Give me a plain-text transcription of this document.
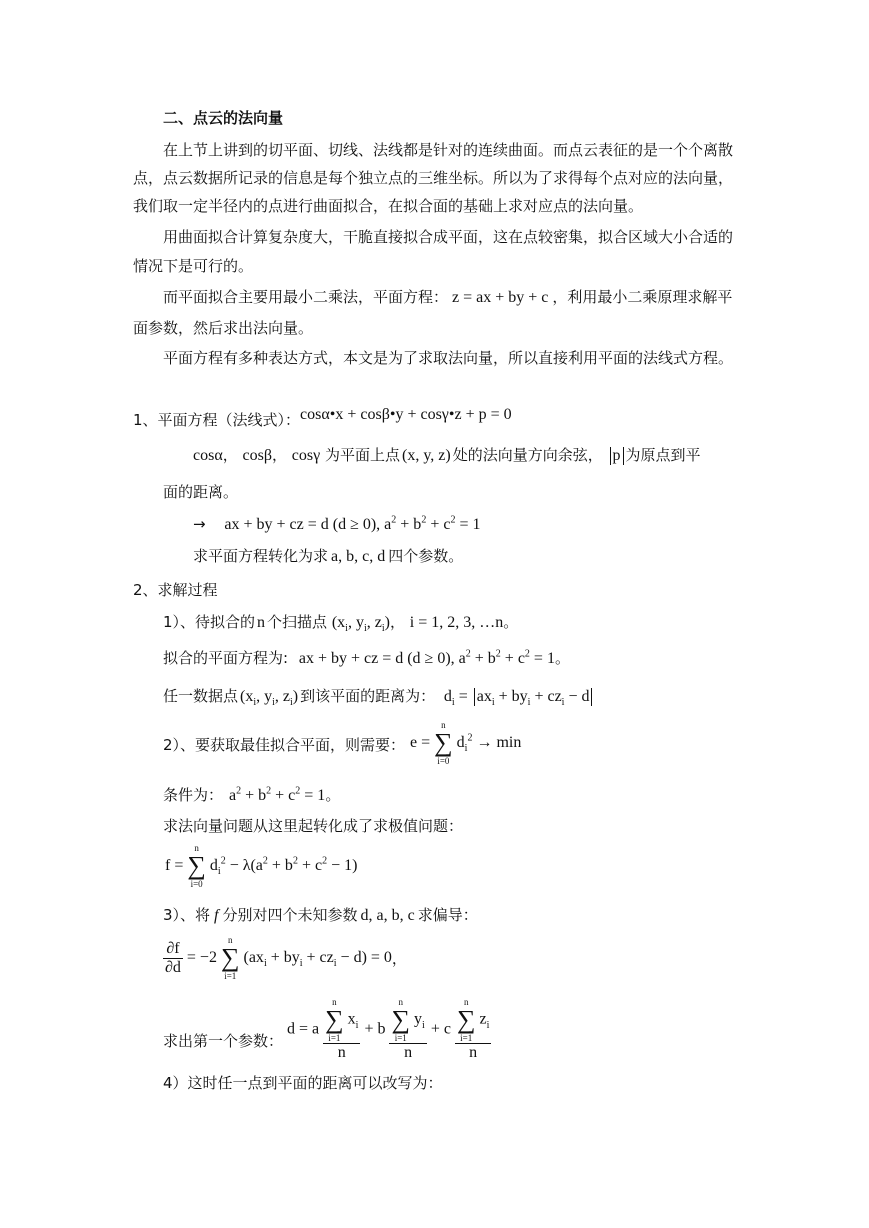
二、点云的法向量
在上节上讲到的切平面、切线、法线都是针对的连续曲面。而点云表征的是一个个离散
点，点云数据所记录的信息是每个独立点的三维坐标。所以为了求得每个点对应的法向量，
我们取一定半径内的点进行曲面拟合，在拟合面的基础上求对应点的法向量。
用曲面拟合计算复杂度大，干脆直接拟合成平面，这在点较密集，拟合区域大小合适的
情况下是可行的。
而平面拟合主要用最小二乘法，平面方程： z = ax + by + c ，利用最小二乘原理求解平
面参数，然后求出法向量。
平面方程有多种表达方式，本文是为了求取法向量，所以直接利用平面的法线式方程。
1、平面方程（法线式）：cosα•x + cosβ•y + cosγ•z + p = 0
cosα， cosβ， cosγ 为平面上点 (x, y, z) 处的法向量方向余弦， p 为原点到平
面的距离。
→ ax + by + cz = d (d ≥ 0), $a^2 + b^2 + c^2 = 1$
求平面方程转化为求 a, b, c, d 四个参数。
2、求解过程
1）、待拟合的 n 个扫描点 ($x_i$, $y_i$, $z_i$)， i = 1, 2, 3, …n。
拟合的平面方程为: ax + by + cz = d (d ≥ 0), $a^2 + b^2 + c^2 = 1$。
任一数据点 ($x_i$, $y_i$, $z_i$) 到该平面的距离为： $d_i = ax_i + by_i + cz_i - d$
2）、要获取最佳拟合平面，则需要： e =
n
∑
i=0
$d_i^2 \to \min$
条件为： $a^2 + b^2 + c^2 = 1$。
求法向量问题从这里起转化成了求极值问题：
f =
n
∑
i=0
$d_i^2 - \lambda(a^2 + b^2 + c^2 - 1)$
3）、将 f 分别对四个未知参数 d, a, b, c 求偏导：
$\frac{\partial f}{\partial d} = -2$
n
∑
i=1
$(ax_i + by_i + cz_i - d) = 0$，
求出第一个参数：
d = a n
∑
i=1
$x_i$
n + b n
∑
i=1
$y_i$
n + c n
∑
i=1
$z_i$
n
4）这时任一点到平面的距离可以改写为：
